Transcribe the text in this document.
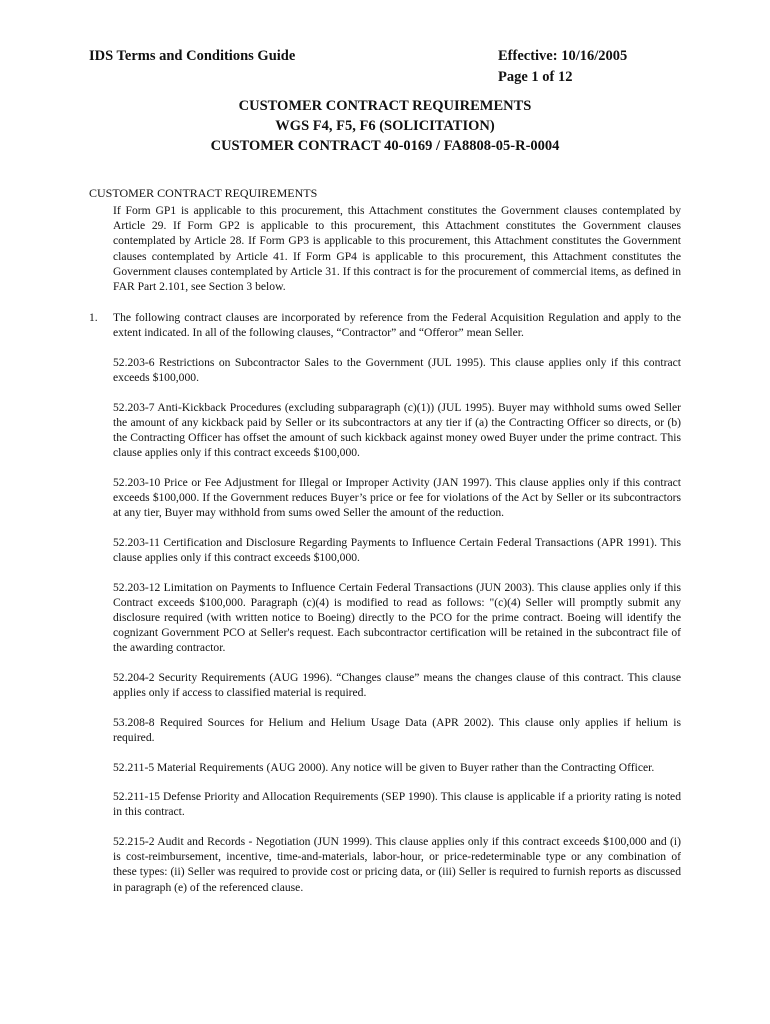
IDS Terms and Conditions Guide	Effective: 10/16/2005
Page 1 of 12
CUSTOMER CONTRACT REQUIREMENTS
WGS F4, F5, F6 (SOLICITATION)
CUSTOMER CONTRACT 40-0169 / FA8808-05-R-0004
CUSTOMER CONTRACT REQUIREMENTS
If Form GP1 is applicable to this procurement, this Attachment constitutes the Government clauses contemplated by Article 29. If Form GP2 is applicable to this procurement, this Attachment constitutes the Government clauses contemplated by Article 28. If Form GP3 is applicable to this procurement, this Attachment constitutes the Government clauses contemplated by Article 41. If Form GP4 is applicable to this procurement, this Attachment constitutes the Government clauses contemplated by Article 31. If this contract is for the procurement of commercial items, as defined in FAR Part 2.101, see Section 3 below.
1. The following contract clauses are incorporated by reference from the Federal Acquisition Regulation and apply to the extent indicated. In all of the following clauses, “Contractor” and “Offeror” mean Seller.

52.203-6 Restrictions on Subcontractor Sales to the Government (JUL 1995). This clause applies only if this contract exceeds $100,000.

52.203-7 Anti-Kickback Procedures (excluding subparagraph (c)(1)) (JUL 1995). Buyer may withhold sums owed Seller the amount of any kickback paid by Seller or its subcontractors at any tier if (a) the Contracting Officer so directs, or (b) the Contracting Officer has offset the amount of such kickback against money owed Buyer under the prime contract. This clause applies only if this contract exceeds $100,000.

52.203-10 Price or Fee Adjustment for Illegal or Improper Activity (JAN 1997). This clause applies only if this contract exceeds $100,000. If the Government reduces Buyer’s price or fee for violations of the Act by Seller or its subcontractors at any tier, Buyer may withhold from sums owed Seller the amount of the reduction.

52.203-11 Certification and Disclosure Regarding Payments to Influence Certain Federal Transactions (APR 1991). This clause applies only if this contract exceeds $100,000.

52.203-12 Limitation on Payments to Influence Certain Federal Transactions (JUN 2003). This clause applies only if this Contract exceeds $100,000. Paragraph (c)(4) is modified to read as follows: "(c)(4) Seller will promptly submit any disclosure required (with written notice to Boeing) directly to the PCO for the prime contract. Boeing will identify the cognizant Government PCO at Seller's request. Each subcontractor certification will be retained in the subcontract file of the awarding contractor.

52.204-2 Security Requirements (AUG 1996). “Changes clause” means the changes clause of this contract. This clause applies only if access to classified material is required.

53.208-8 Required Sources for Helium and Helium Usage Data (APR 2002). This clause only applies if helium is required.

52.211-5 Material Requirements (AUG 2000). Any notice will be given to Buyer rather than the Contracting Officer.

52.211-15 Defense Priority and Allocation Requirements (SEP 1990). This clause is applicable if a priority rating is noted in this contract.

52.215-2 Audit and Records - Negotiation (JUN 1999). This clause applies only if this contract exceeds $100,000 and (i) is cost-reimbursement, incentive, time-and-materials, labor-hour, or price-redeterminable type or any combination of these types: (ii) Seller was required to provide cost or pricing data, or (iii) Seller is required to furnish reports as discussed in paragraph (e) of the referenced clause.
